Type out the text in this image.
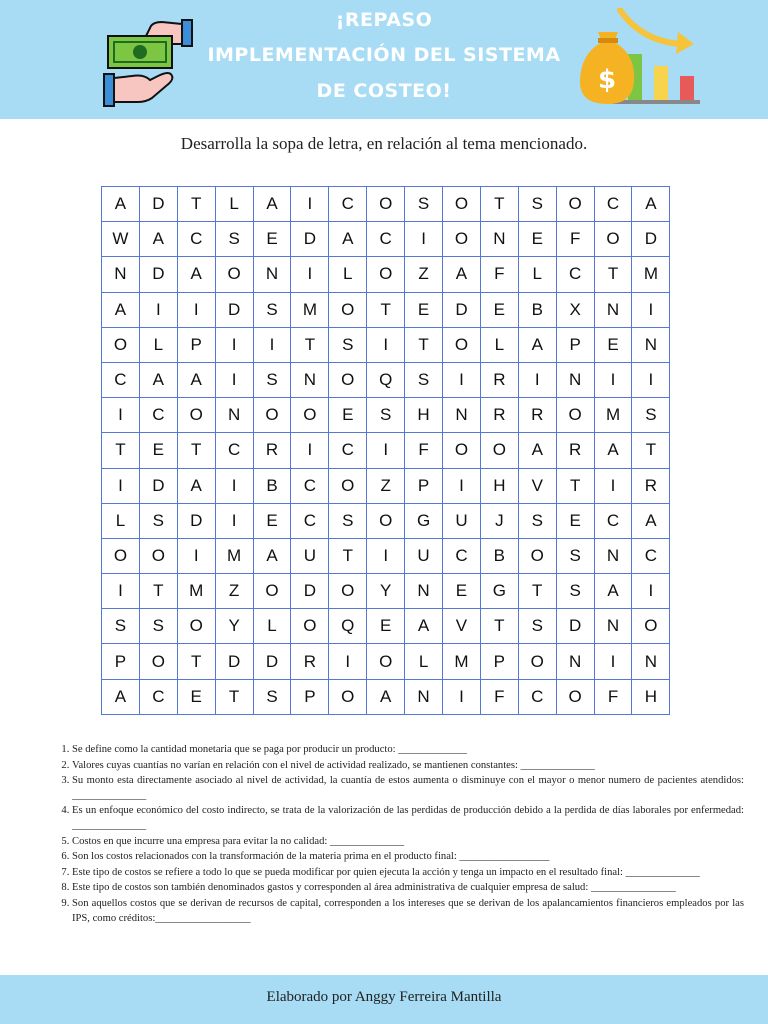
¡REPASO
IMPLEMENTACIÓN DEL SISTEMA
DE COSTEO!	$
Desarrolla la sopa de letra, en relación al tema mencionado.
A	D	T	L	A	I	C	O	S	O	T	S	O	C	A
W	A	C	S	E	D	A	C	I	O	N	E	F	O	D
N	D	A	O	N	I	L	O	Z	A	F	L	C	T	M
A	I	I	D	S	M	O	T	E	D	E	B	X	N	I
O	L	P	I	I	T	S	I	T	O	L	A	P	E	N
C	A	A	I	S	N	O	Q	S	I	R	I	N	I	I
I	C	O	N	O	O	E	S	H	N	R	R	O	M	S
T	E	T	C	R	I	C	I	F	O	O	A	R	A	T
I	D	A	I	B	C	O	Z	P	I	H	V	T	I	R
L	S	D	I	E	C	S	O	G	U	J	S	E	C	A
O	O	I	M	A	U	T	I	U	C	B	O	S	N	C
I	T	M	Z	O	D	O	Y	N	E	G	T	S	A	I
S	S	O	Y	L	O	Q	E	A	V	T	S	D	N	O
P	O	T	D	D	R	I	O	L	M	P	O	N	I	N
A	C	E	T	S	P	O	A	N	I	F	C	O	F	H
1. Se define como la cantidad monetaria que se paga por producir un producto: _____________
2. Valores cuyas cuantías no varían en relación con el nivel de actividad realizado, se mantienen constantes: ______________
3. Su monto esta directamente asociado al nivel de actividad, la cuantía de estos aumenta o disminuye con el mayor o menor numero de pacientes atendidos: ______________
4. Es un enfoque económico del costo indirecto, se trata de la valorización de las perdidas de producción debido a la perdida de días laborales por enfermedad: ______________
5. Costos en que incurre una empresa para evitar la no calidad: ______________
6. Son los costos relacionados con la transformación de la materia prima en el producto final: _________________
7. Este tipo de costos se refiere a todo lo que se pueda modificar por quien ejecuta la acción y tenga un impacto en el resultado final: ______________
8. Este tipo de costos son también denominados gastos y corresponden al área administrativa de cualquier empresa de salud: ________________
9. Son aquellos costos que se derivan de recursos de capital, corresponden a los intereses que se derivan de los apalancamientos financieros empleados por las IPS, como créditos:__________________
Elaborado por Anggy Ferreira Mantilla
